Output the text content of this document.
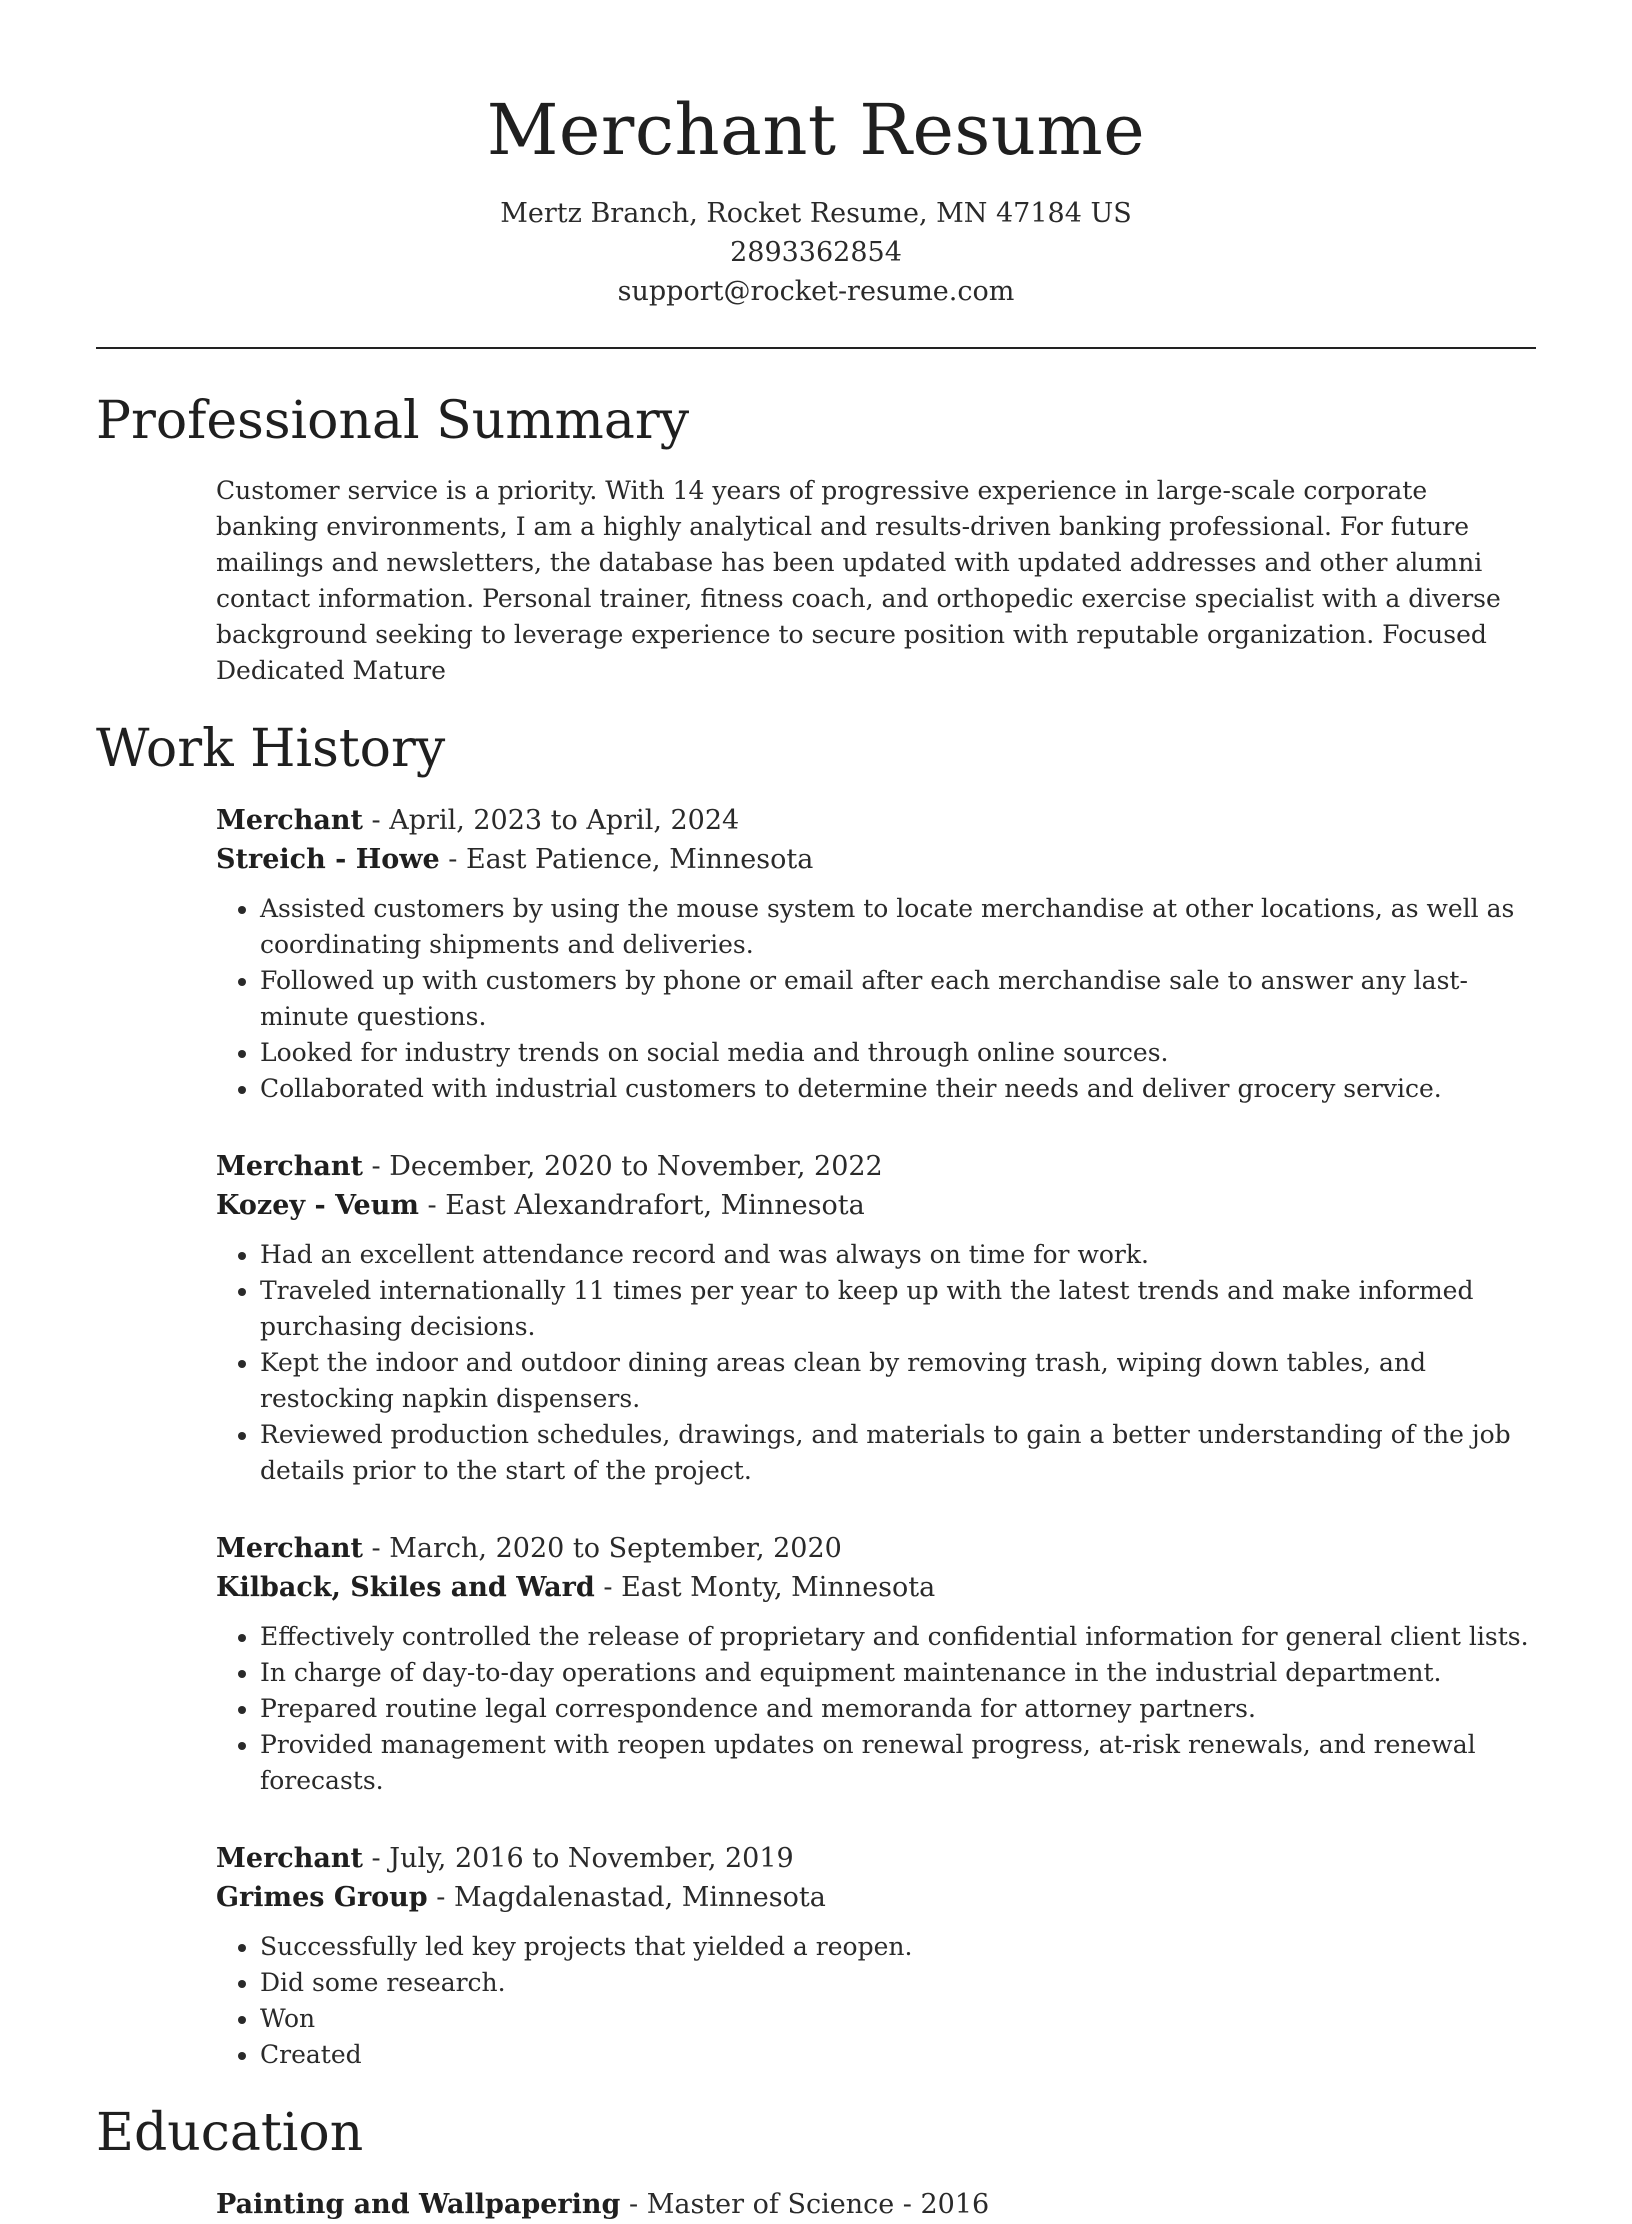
Merchant Resume
Mertz Branch, Rocket Resume, MN 47184 US
2893362854
support@rocket-resume.com
Professional Summary

Customer service is a priority. With 14 years of progressive experience in large-scale corporate banking environments, I am a highly analytical and results-driven banking professional. For future mailings and newsletters, the database has been updated with updated addresses and other alumni contact information. Personal trainer, fitness coach, and orthopedic exercise specialist with a diverse background seeking to leverage experience to secure position with reputable organization. Focused Dedicated Mature

Work History
Merchant - April, 2023 to April, 2024
Streich - Howe - East Patience, Minnesota
• Assisted customers by using the mouse system to locate merchandise at other locations, as well as coordinating shipments and deliveries.
• Followed up with customers by phone or email after each merchandise sale to answer any last-minute questions.
• Looked for industry trends on social media and through online sources.
• Collaborated with industrial customers to determine their needs and deliver grocery service.
Merchant - December, 2020 to November, 2022
Kozey - Veum - East Alexandrafort, Minnesota
• Had an excellent attendance record and was always on time for work.
• Traveled internationally 11 times per year to keep up with the latest trends and make informed purchasing decisions.
• Kept the indoor and outdoor dining areas clean by removing trash, wiping down tables, and restocking napkin dispensers.
• Reviewed production schedules, drawings, and materials to gain a better understanding of the job details prior to the start of the project.
Merchant - March, 2020 to September, 2020
Kilback, Skiles and Ward - East Monty, Minnesota
• Effectively controlled the release of proprietary and confidential information for general client lists.
• In charge of day-to-day operations and equipment maintenance in the industrial department.
• Prepared routine legal correspondence and memoranda for attorney partners.
• Provided management with reopen updates on renewal progress, at-risk renewals, and renewal forecasts.
Merchant - July, 2016 to November, 2019
Grimes Group - Magdalenastad, Minnesota
• Successfully led key projects that yielded a reopen.
• Did some research.
• Won
• Created
Education
Painting and Wallpapering - Master of Science - 2016
